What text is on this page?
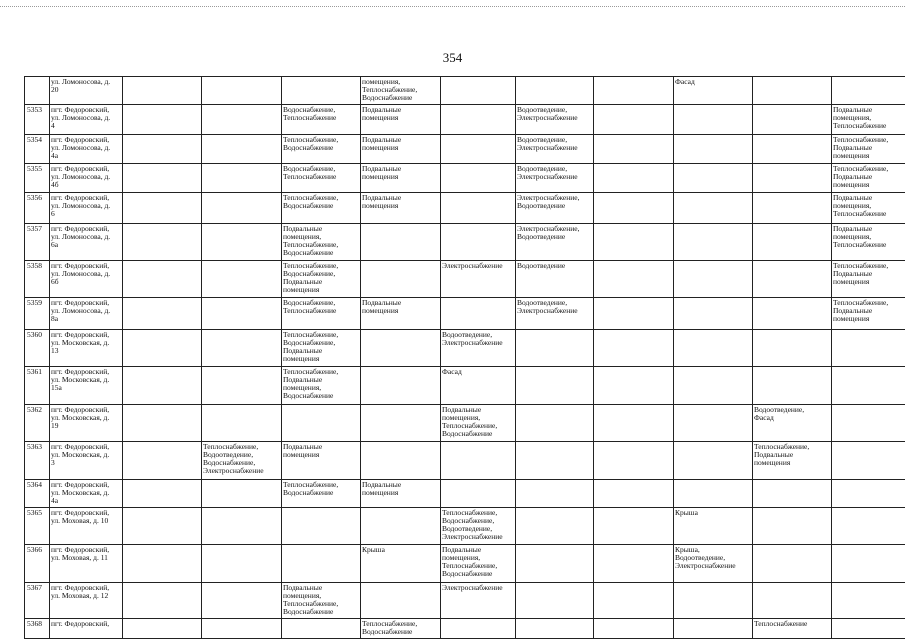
354
	ул. Ломоносова, д.
20				помещения,
Теплоснабжение,
Водоснабжение				Фасад		
5353	пгт. Федоровский,
ул. Ломоносова, д.
4			Водоснабжение,
Теплоснабжение	Подвальные
помещения		Водоотведение,
Электроснабжение				Подвальные
помещения,
Теплоснабжение
5354	пгт. Федоровский,
ул. Ломоносова, д.
4а			Теплоснабжение,
Водоснабжение	Подвальные
помещения		Водоотведение,
Электроснабжение				Теплоснабжение,
Подвальные
помещения
5355	пгт. Федоровский,
ул. Ломоносова, д.
4б			Водоснабжение,
Теплоснабжение	Подвальные
помещения		Водоотведение,
Электроснабжение				Теплоснабжение,
Подвальные
помещения
5356	пгт. Федоровский,
ул. Ломоносова, д.
6			Теплоснабжение,
Водоснабжение	Подвальные
помещения		Электроснабжение,
Водоотведение				Подвальные
помещения,
Теплоснабжение
5357	пгт. Федоровский,
ул. Ломоносова, д.
6а			Подвальные
помещения,
Теплоснабжение,
Водоснабжение			Электроснабжение,
Водоотведение				Подвальные
помещения,
Теплоснабжение
5358	пгт. Федоровский,
ул. Ломоносова, д.
6б			Теплоснабжение,
Водоснабжение,
Подвальные
помещения		Электроснабжение	Водоотведение				Теплоснабжение,
Подвальные
помещения
5359	пгт. Федоровский,
ул. Ломоносова, д.
8а			Водоснабжение,
Теплоснабжение	Подвальные
помещения		Водоотведение,
Электроснабжение				Теплоснабжение,
Подвальные
помещения
5360	пгт. Федоровский,
ул. Московская, д.
13			Теплоснабжение,
Водоснабжение,
Подвальные
помещения		Водоотведение,
Электроснабжение					
5361	пгт. Федоровский,
ул. Московская, д.
15а			Теплоснабжение,
Подвальные
помещения,
Водоснабжение		Фасад					
5362	пгт. Федоровский,
ул. Московская, д.
19					Подвальные
помещения,
Теплоснабжение,
Водоснабжение				Водоотведение,
Фасад	
5363	пгт. Федоровский,
ул. Московская, д.
3		Теплоснабжение,
Водоотведение,
Водоснабжение,
Электроснабжение	Подвальные
помещения						Теплоснабжение,
Подвальные
помещения	
5364	пгт. Федоровский,
ул. Московская, д.
4а			Теплоснабжение,
Водоснабжение	Подвальные
помещения						
5365	пгт. Федоровский,
ул. Моховая, д. 10					Теплоснабжение,
Водоснабжение,
Водоотведение,
Электроснабжение			Крыша		
5366	пгт. Федоровский,
ул. Моховая, д. 11				Крыша	Подвальные
помещения,
Теплоснабжение,
Водоснабжение			Крыша,
Водоотведение,
Электроснабжение		
5367	пгт. Федоровский,
ул. Моховая, д. 12			Подвальные
помещения,
Теплоснабжение,
Водоснабжение		Электроснабжение					
5368	пгт. Федоровский,				Теплоснабжение,
Водоснабжение					Теплоснабжение	
